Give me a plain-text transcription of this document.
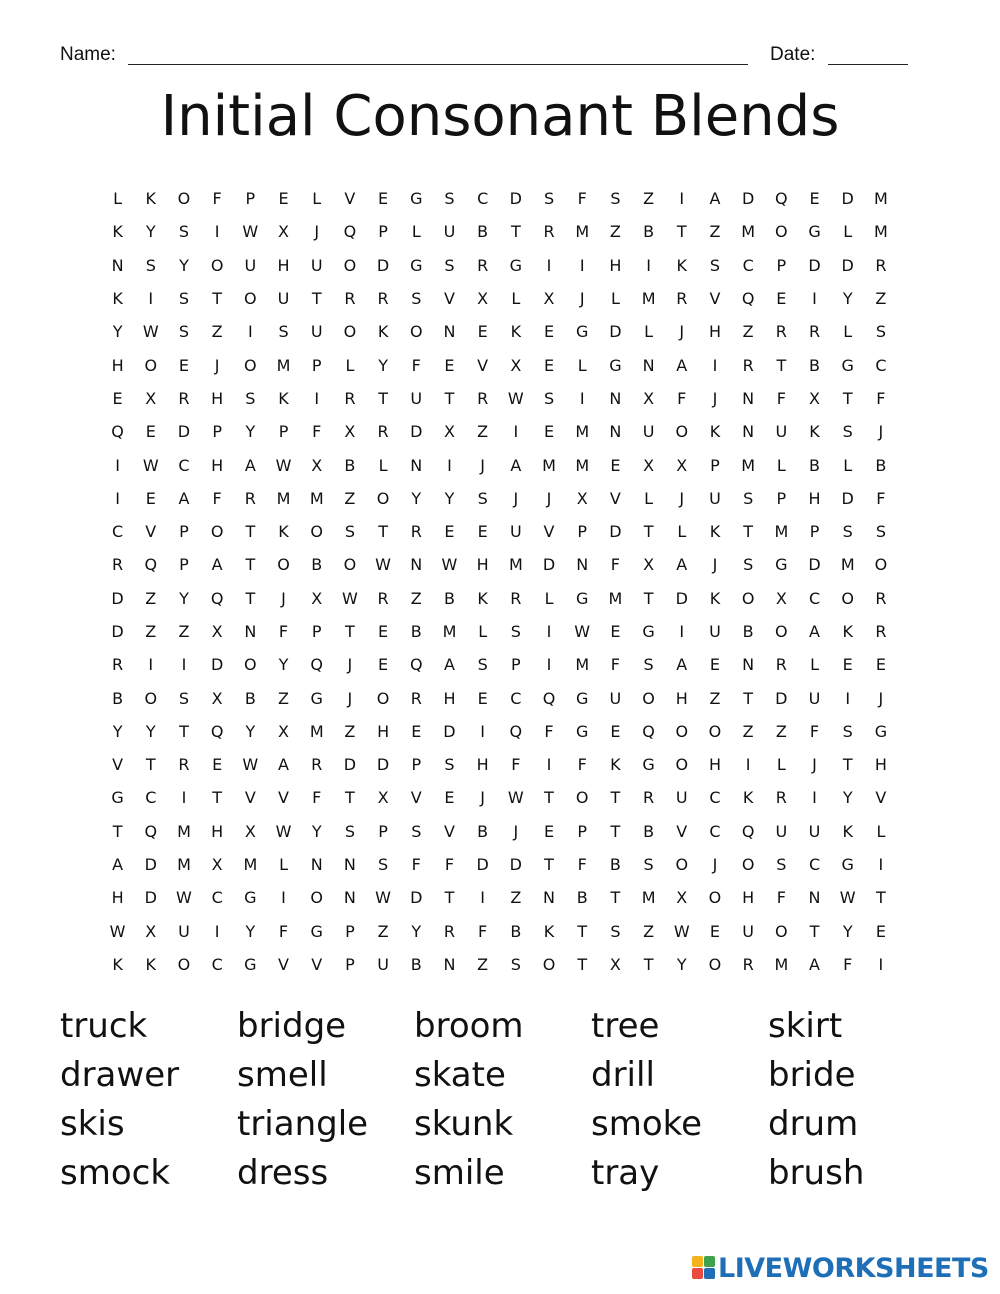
Name:	Date:
Initial Consonant Blends
L	K	O	F	P	E	L	V	E	G	S	C	D	S	F	S	Z	I	A	D	Q	E	D	M
K	Y	S	I	W	X	J	Q	P	L	U	B	T	R	M	Z	B	T	Z	M	O	G	L	M
N	S	Y	O	U	H	U	O	D	G	S	R	G	I	I	H	I	K	S	C	P	D	D	R
K	I	S	T	O	U	T	R	R	S	V	X	L	X	J	L	M	R	V	Q	E	I	Y	Z
Y	W	S	Z	I	S	U	O	K	O	N	E	K	E	G	D	L	J	H	Z	R	R	L	S
H	O	E	J	O	M	P	L	Y	F	E	V	X	E	L	G	N	A	I	R	T	B	G	C
E	X	R	H	S	K	I	R	T	U	T	R	W	S	I	N	X	F	J	N	F	X	T	F
Q	E	D	P	Y	P	F	X	R	D	X	Z	I	E	M	N	U	O	K	N	U	K	S	J
I	W	C	H	A	W	X	B	L	N	I	J	A	M	M	E	X	X	P	M	L	B	L	B
I	E	A	F	R	M	M	Z	O	Y	Y	S	J	J	X	V	L	J	U	S	P	H	D	F
C	V	P	O	T	K	O	S	T	R	E	E	U	V	P	D	T	L	K	T	M	P	S	S
R	Q	P	A	T	O	B	O	W	N	W	H	M	D	N	F	X	A	J	S	G	D	M	O
D	Z	Y	Q	T	J	X	W	R	Z	B	K	R	L	G	M	T	D	K	O	X	C	O	R
D	Z	Z	X	N	F	P	T	E	B	M	L	S	I	W	E	G	I	U	B	O	A	K	R
R	I	I	D	O	Y	Q	J	E	Q	A	S	P	I	M	F	S	A	E	N	R	L	E	E
B	O	S	X	B	Z	G	J	O	R	H	E	C	Q	G	U	O	H	Z	T	D	U	I	J
Y	Y	T	Q	Y	X	M	Z	H	E	D	I	Q	F	G	E	Q	O	O	Z	Z	F	S	G
V	T	R	E	W	A	R	D	D	P	S	H	F	I	F	K	G	O	H	I	L	J	T	H
G	C	I	T	V	V	F	T	X	V	E	J	W	T	O	T	R	U	C	K	R	I	Y	V
T	Q	M	H	X	W	Y	S	P	S	V	B	J	E	P	T	B	V	C	Q	U	U	K	L
A	D	M	X	M	L	N	N	S	F	F	D	D	T	F	B	S	O	J	O	S	C	G	I
H	D	W	C	G	I	O	N	W	D	T	I	Z	N	B	T	M	X	O	H	F	N	W	T
W	X	U	I	Y	F	G	P	Z	Y	R	F	B	K	T	S	Z	W	E	U	O	T	Y	E
K	K	O	C	G	V	V	P	U	B	N	Z	S	O	T	X	T	Y	O	R	M	A	F	I
truck	bridge	broom	tree	skirt
drawer	smell	skate	drill	bride
skis	triangle	skunk	smoke	drum
smock	dress	smile	tray	brush
LIVEWORKSHEETS
